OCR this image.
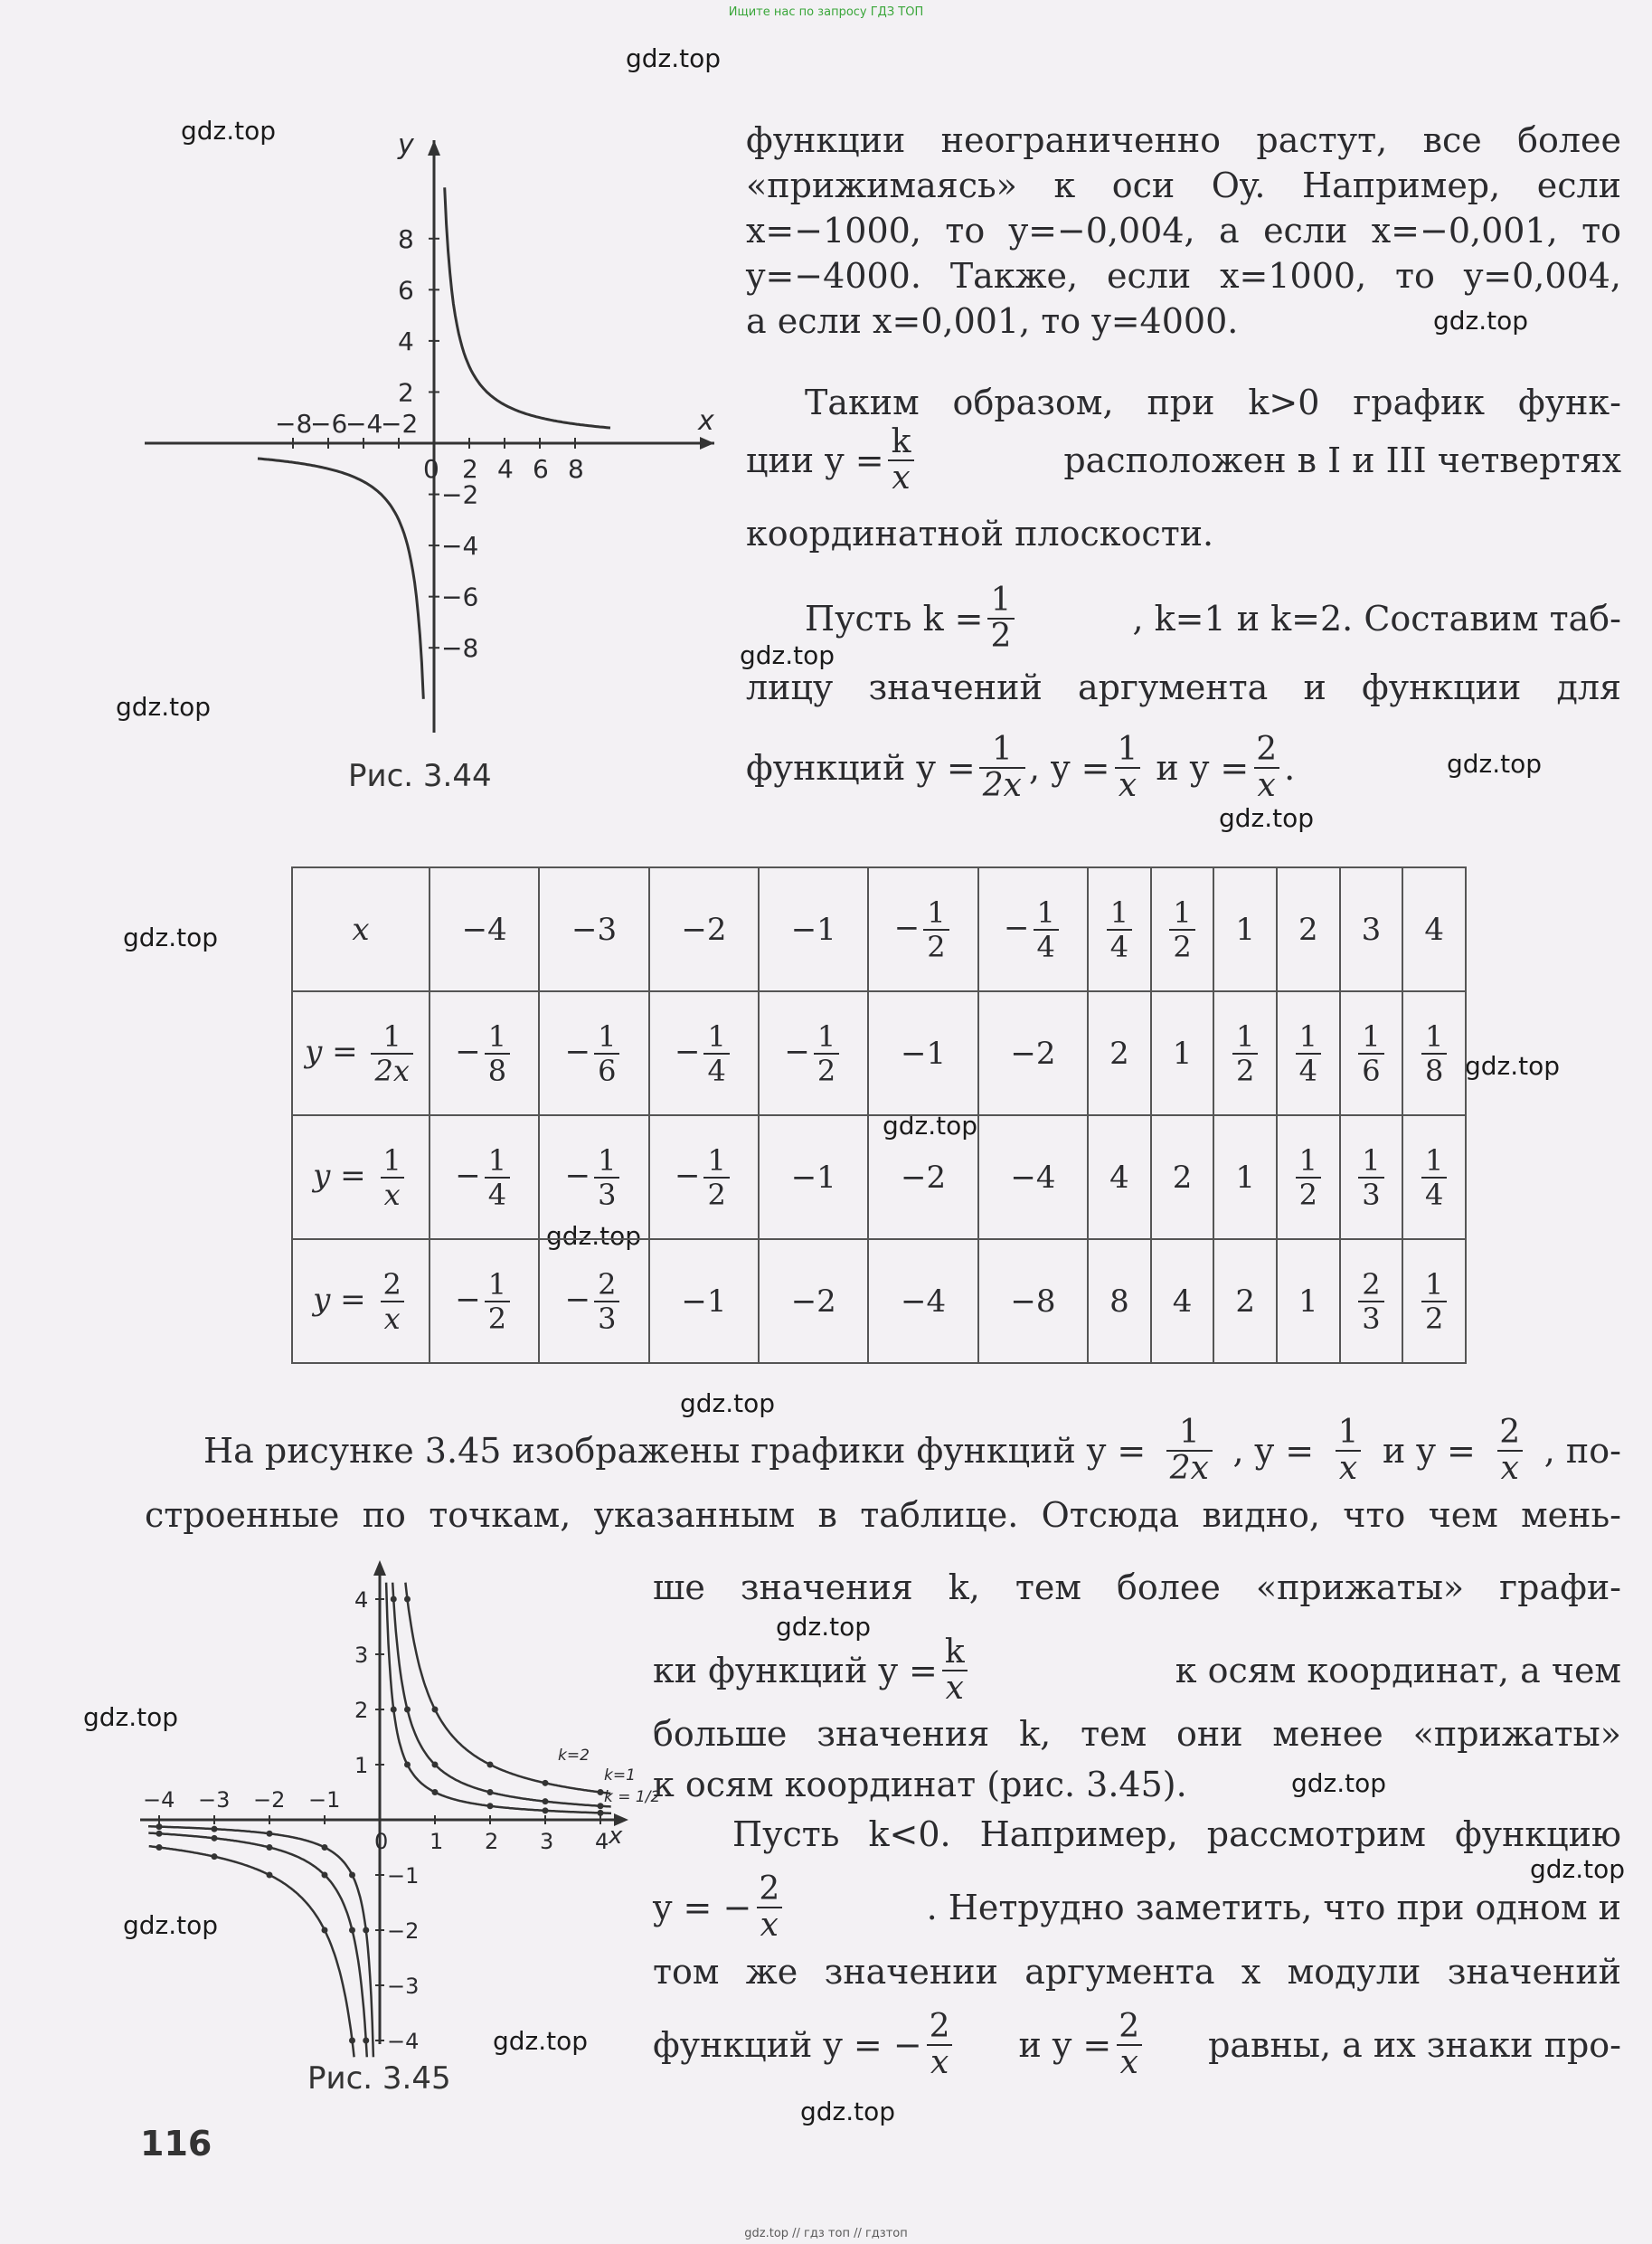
Ищите нас по запросу ГДЗ ТОП
gdz.top // гдз топ // гдзтоп
gdz.top
gdz.top
gdz.top
gdz.top
gdz.top
gdz.top
gdz.top
gdz.top
gdz.top
gdz.top
gdz.top
gdz.top
gdz.top
gdz.top
gdz.top
gdz.top
gdz.top
gdz.top
gdz.top
y
x
−8
−6
−4
−2
0 2 4 6 8
8
6
4
2
−2
−4
−6
−8
Рис. 3.44
функции неограниченно растут, все более
«прижимаясь» к оси Oy. Например, если
x=−1000, то y=−0,004, а если x=−0,001, то
y=−4000. Также, если x=1000, то y=0,004,
а если x=0,001, то y=4000.
Таким образом, при k>0 график функ-
ции $y = \frac{k}{x}$	расположен в I и III четвертях
координатной плоскости.
Пусть $k = \frac{1}{2}$	, k=1 и k=2. Составим таб-
лицу значений аргумента и функции для
функций $y = \frac{1}{2x}$ , $y = \frac{1}{x}$ и $y = \frac{2}{x}$ .
x	−4	−3	−2	−1	− $\frac{1}{2}$	− $\frac{1}{4}$	$\frac{1}{4}$	$\frac{1}{2}$	1	2	3	4
$y = \frac{1}{2x}$	− $\frac{1}{8}$	− $\frac{1}{6}$	− $\frac{1}{4}$	− $\frac{1}{2}$	−1	−2	2	1	$\frac{1}{2}$	$\frac{1}{4}$	$\frac{1}{6}$	$\frac{1}{8}$

$y = \frac{1}{x}$	− $\frac{1}{4}$	− $\frac{1}{3}$	− $\frac{1}{2}$	−1	−2	−4	4	2	1	$\frac{1}{2}$	$\frac{1}{3}$	$\frac{1}{4}$

$y = \frac{2}{x}$	− $\frac{1}{2}$	− $\frac{2}{3}$	−1	−2	−4	−8	8	4	2	1	$\frac{2}{3}$	$\frac{1}{2}$
На рисунке 3.45 изображены графики функций $y = \frac{1}{2x}$ , $y = \frac{1}{x}$ и $y = \frac{2}{x}$ , по-
строенные по точкам, указанным в таблице. Отсюда видно, что чем мень-
ше значения k, тем более «прижаты» графи-
ки функций $y = \frac{k}{x}$	к осям координат, а чем
больше значения k, тем они менее «прижаты»
к осям координат (рис. 3.45).
Пусть k<0. Например, рассмотрим функцию
y = − $\frac{2}{x}$	. Нетрудно заметить, что при одном и
том же значении аргумента x модули значений
функций y = − $\frac{2}{x}$ и $y = \frac{2}{x}$ равны, а их знаки про-
x
−4 −3 −2 −1
0 1 2 3 4
4
3
2
1
−1
−2
−3
−4
k=2
k=1
k = 1/2
Рис. 3.45
116
